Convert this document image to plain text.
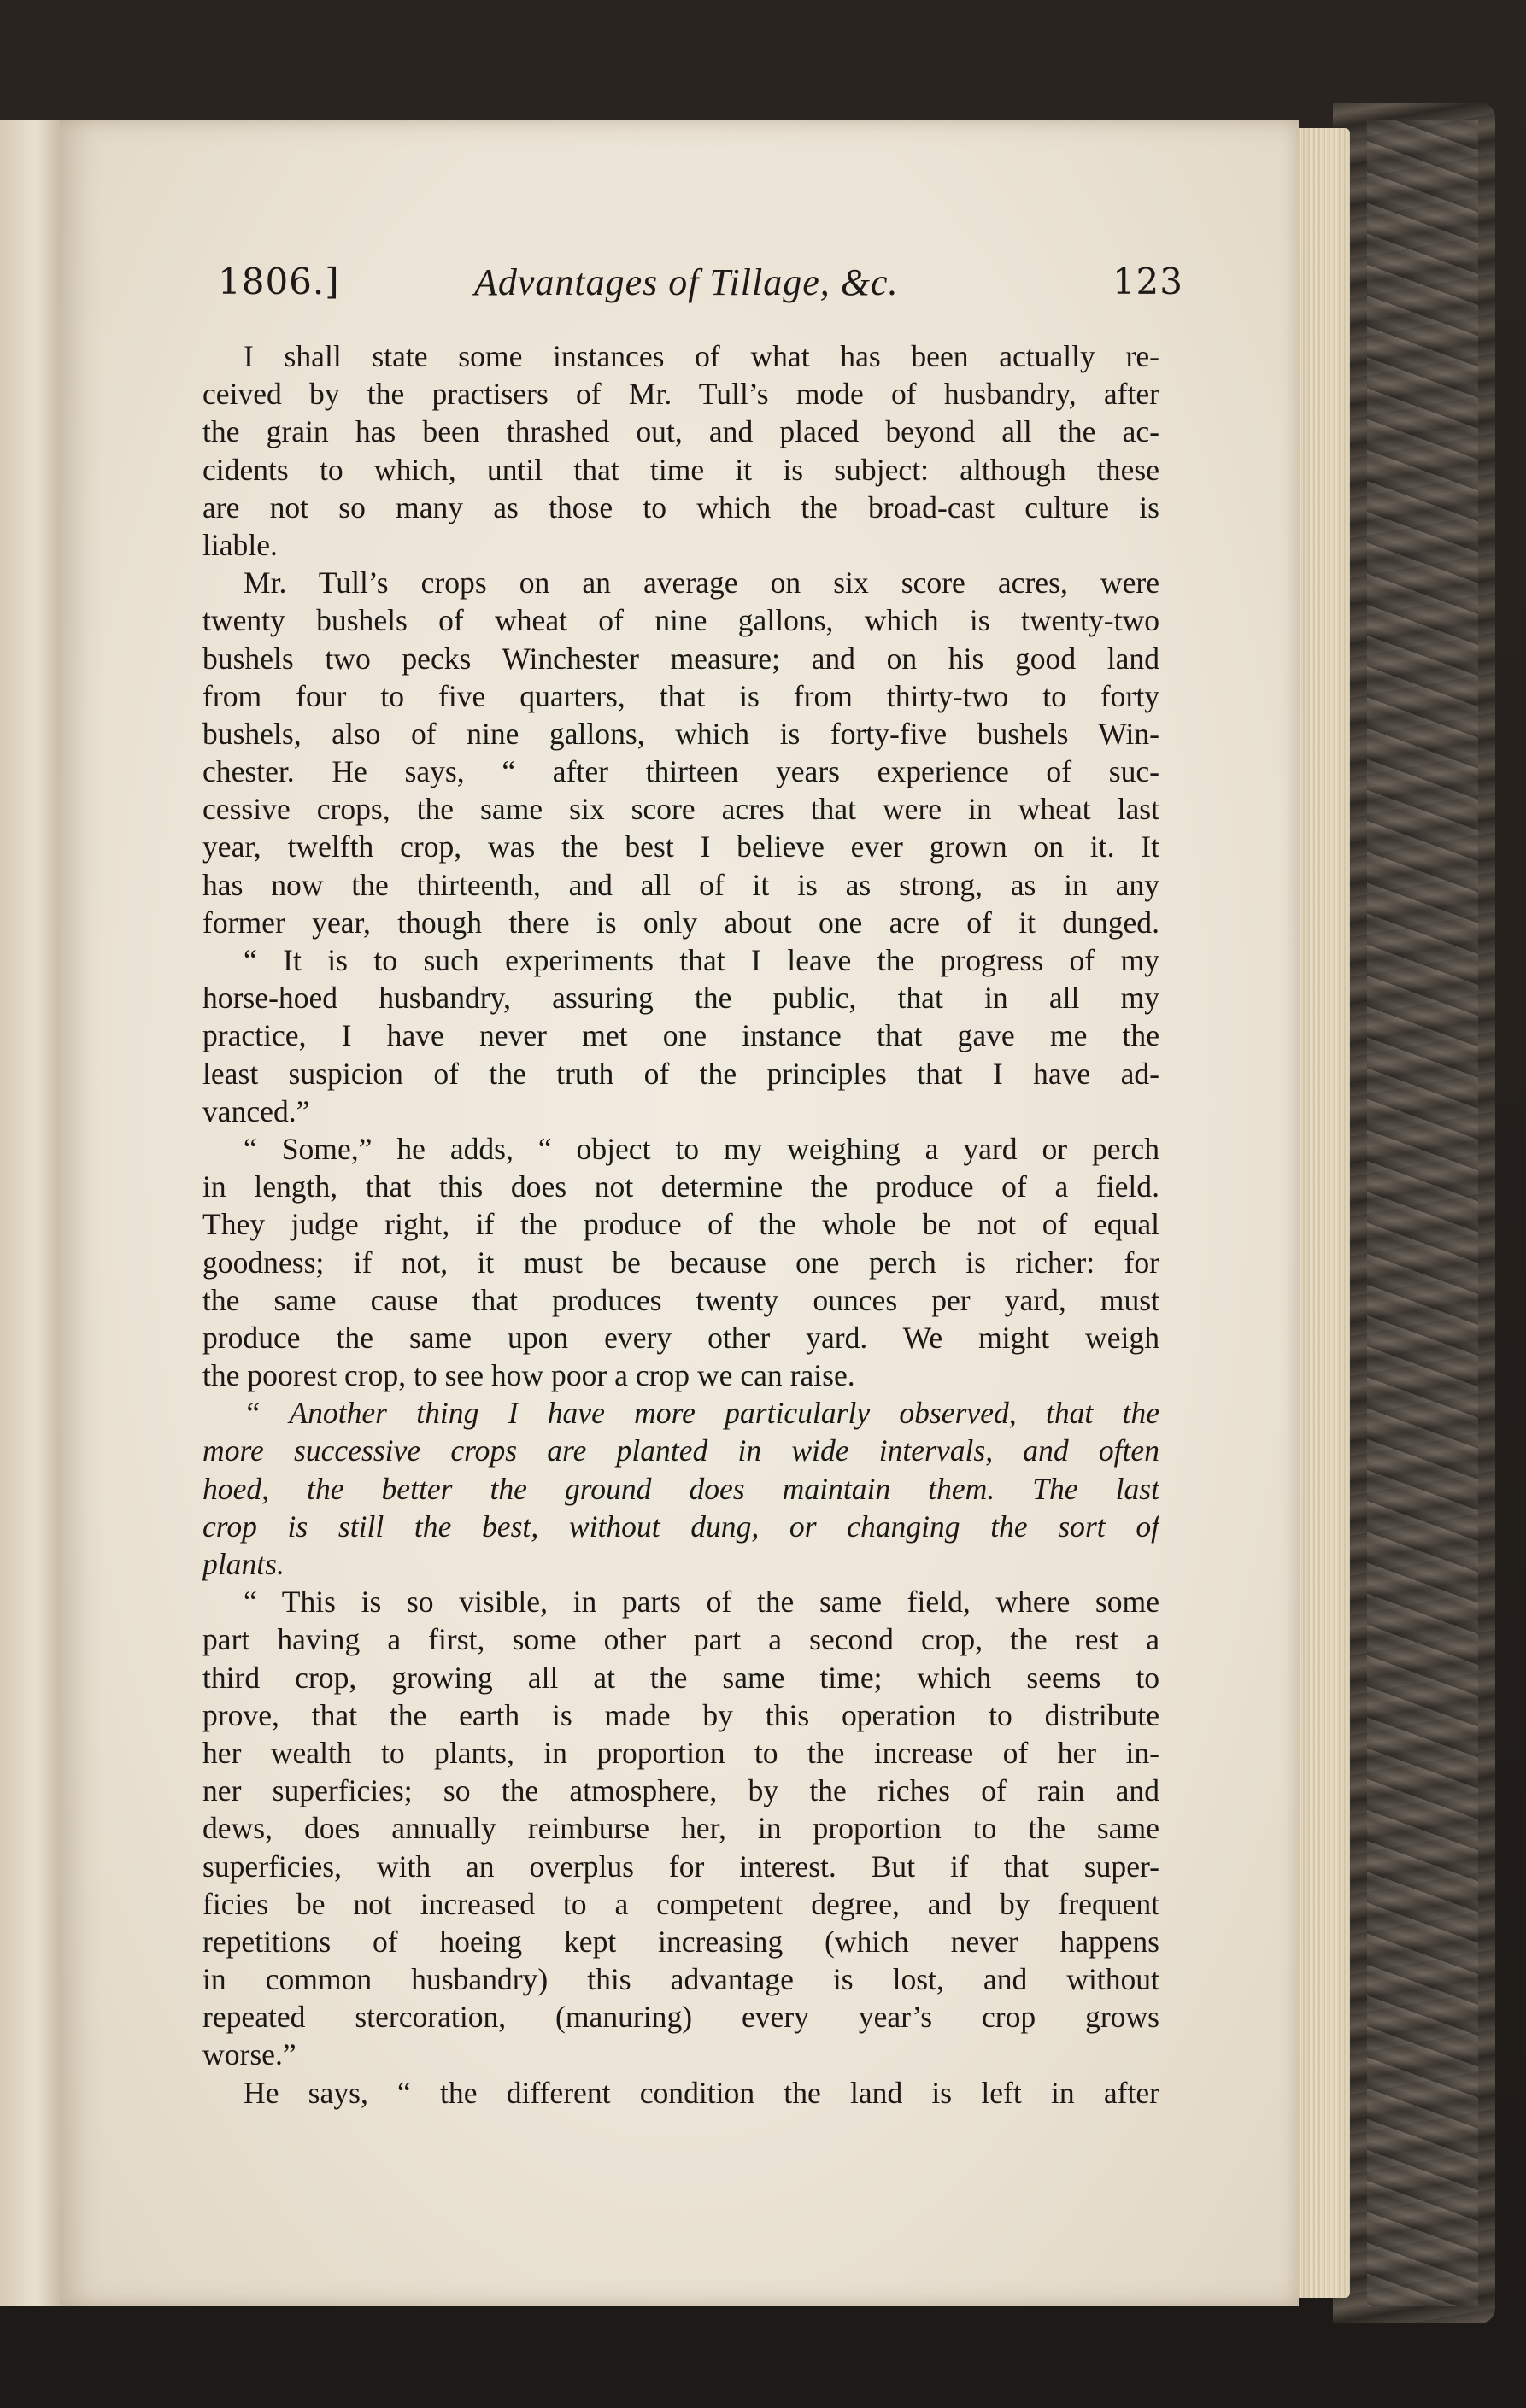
1806.]	Advantages of Tillage, &c.	123
I shall state some instances of what has been actually re-
ceived by the practisers of Mr. Tull’s mode of husbandry, after
the grain has been thrashed out, and placed beyond all the ac-
cidents to which, until that time it is subject: although these
are not so many as those to which the broad-cast culture is
liable.
Mr. Tull’s crops on an average on six score acres, were
twenty bushels of wheat of nine gallons, which is twenty-two
bushels two pecks Winchester measure; and on his good land
from four to five quarters, that is from thirty-two to forty
bushels, also of nine gallons, which is forty-five bushels Win-
chester. He says, “ after thirteen years experience of suc-
cessive crops, the same six score acres that were in wheat last
year, twelfth crop, was the best I believe ever grown on it. It
has now the thirteenth, and all of it is as strong, as in any
former year, though there is only about one acre of it dunged.
“ It is to such experiments that I leave the progress of my
horse-hoed husbandry, assuring the public, that in all my
practice, I have never met one instance that gave me the
least suspicion of the truth of the principles that I have ad-
vanced.”
“ Some,” he adds, “ object to my weighing a yard or perch
in length, that this does not determine the produce of a field.
They judge right, if the produce of the whole be not of equal
goodness; if not, it must be because one perch is richer: for
the same cause that produces twenty ounces per yard, must
produce the same upon every other yard. We might weigh
the poorest crop, to see how poor a crop we can raise.
“ Another thing I have more particularly observed, that the
more successive crops are planted in wide intervals, and often
hoed, the better the ground does maintain them. The last
crop is still the best, without dung, or changing the sort of
plants.
“ This is so visible, in parts of the same field, where some
part having a first, some other part a second crop, the rest a
third crop, growing all at the same time; which seems to
prove, that the earth is made by this operation to distribute
her wealth to plants, in proportion to the increase of her in-
ner superficies; so the atmosphere, by the riches of rain and
dews, does annually reimburse her, in proportion to the same
superficies, with an overplus for interest. But if that super-
ficies be not increased to a competent degree, and by frequent
repetitions of hoeing kept increasing (which never happens
in common husbandry) this advantage is lost, and without
repeated stercoration, (manuring) every year’s crop grows
worse.”
He says, “ the different condition the land is left in after
